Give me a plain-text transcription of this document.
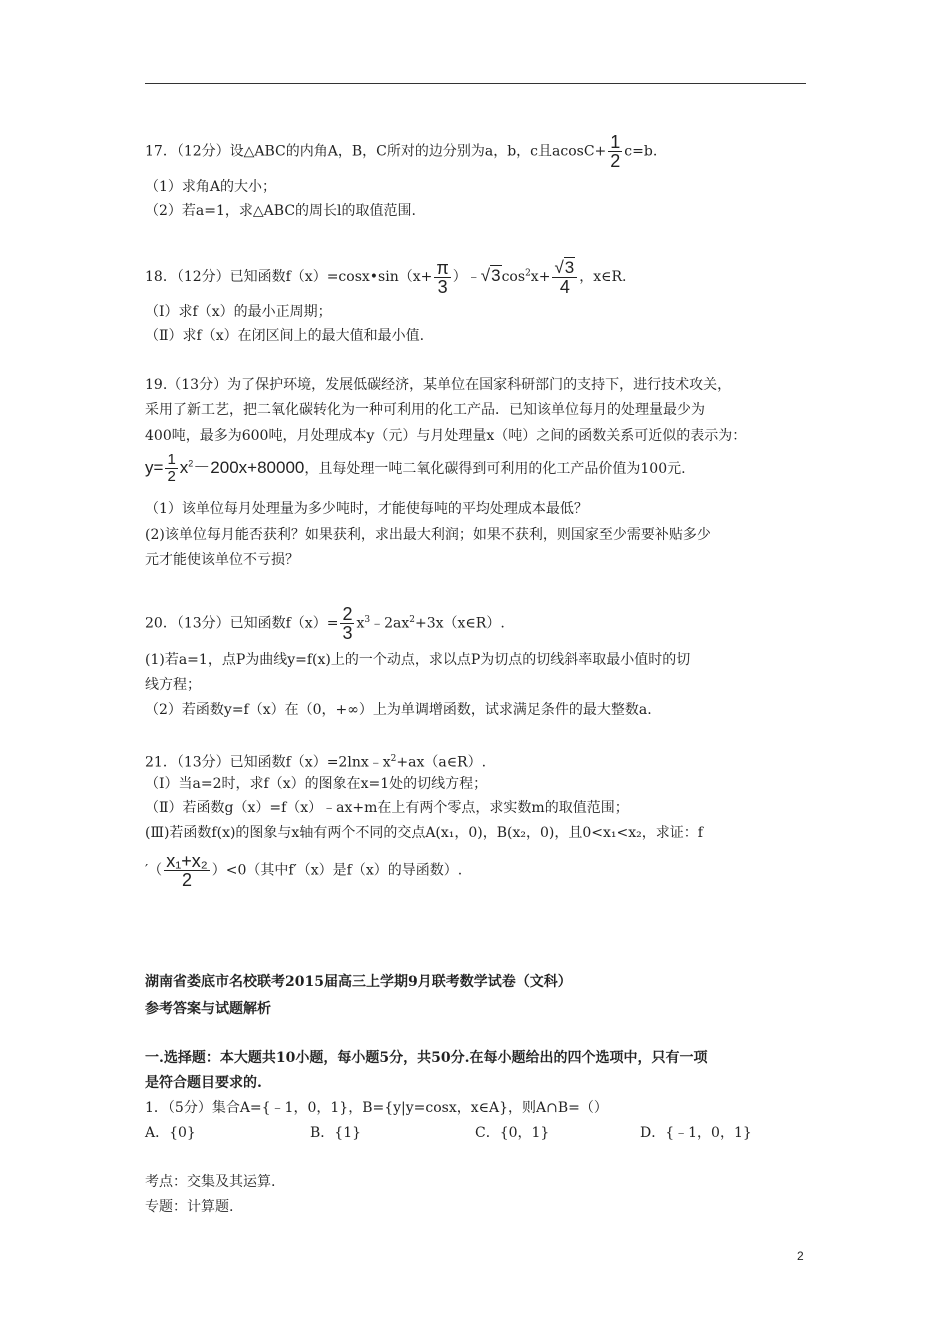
17．（12分）设△ABC的内角A，B，C所对的边分别为a，b，c且$acosC+ \frac{1}{2} c=b$.
（1）求角A的大小；
（2）若a=1，求△ABC的周长l的取值范围.
18．（12分）已知函数f（x）=cosx•sin（x+ $\frac{\pi}{3}$ ）$﹣√3\cos^2x+ \frac{√3}{4}$ ，x∈R.
（Ⅰ）求f（x）的最小正周期；
（Ⅱ）求f（x）在闭区间上的最大值和最小值.
19.（13分）为了保护环境，发展低碳经济，某单位在国家科研部门的支持下，进行技术攻关，
采用了新工艺，把二氧化碳转化为一种可利用的化工产品．已知该单位每月的处理量最少为
400吨，最多为600吨，月处理成本y（元）与月处理量x（吨）之间的函数关系可近似的表示为：
$y= \frac{1}{2} x^2-200x+80000$，且每处理一吨二氧化碳得到可利用的化工产品价值为100元.
（1）该单位每月处理量为多少吨时，才能使每吨的平均处理成本最低？
(2)该单位每月能否获利？如果获利，求出最大利润；如果不获利，则国家至少需要补贴多少
元才能使该单位不亏损？
20．（13分）已知函数$f(x)= \frac{2}{3}$ $x^3﹣2ax^2+3x(x\in R)$.
(1)若a=1，点P为曲线y=f(x)上的一个动点，求以点P为切点的切线斜率取最小值时的切
线方程；
（2）若函数y=f（x）在（0，+∞）上为单调增函数，试求满足条件的最大整数a.
21．（13分）已知函数$f(x)=2\ln x﹣x^2+ax(a\in R)$.
（Ⅰ）当a=2时，求f（x）的图象在x=1处的切线方程；
（Ⅱ）若函数g（x）=f（x）﹣ax+m在上有两个零点，求实数m的取值范围；
(Ⅲ)若函数f(x)的图象与x轴有两个不同的交点A(x₁，0)，B(x₂，0)，且0<x₁<x₂，求证：f
′（ $\frac{\text{x₁+x₂}}{2} )<0$（其中f′（x）是f（x）的导函数）.
湖南省娄底市名校联考2015届高三上学期9月联考数学试卷（文科）
参考答案与试题解析
一.选择题：本大题共10小题，每小题5分，共50分.在每小题给出的四个选项中，只有一项
是符合题目要求的.
1．（5分）集合A={﹣1，0，1}，B={y|y=cosx，x∈A}，则A∩B=（）
A．{0}	B．{1}	C．{0，1}	D．{﹣1，0，1}
考点：交集及其运算.
专题：计算题.
2
